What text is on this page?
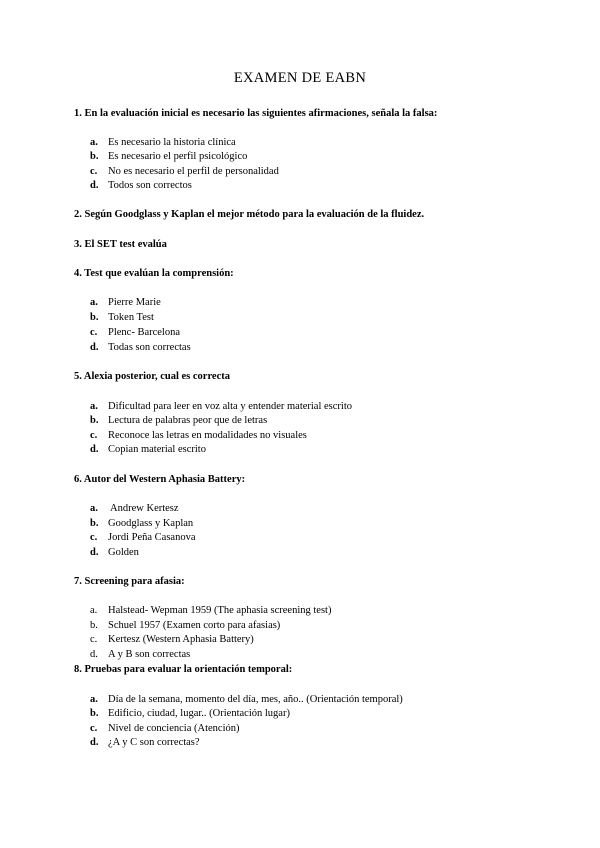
EXAMEN DE EABN
1. En la evaluación inicial es necesario las siguientes afirmaciones, señala la falsa:
a. Es necesario la historia clínica
b. Es necesario el perfil psicológico
c. No es necesario el perfil de personalidad
d. Todos son correctos
2. Según Goodglass y Kaplan el mejor método para la evaluación de la fluidez.
3. El SET test evalúa
4. Test que evalúan la comprensión:
a. Pierre Marie
b. Token Test
c. Plenc- Barcelona
d. Todas son correctas
5. Alexia posterior, cual es correcta
a. Dificultad para leer en voz alta y entender material escrito
b. Lectura de palabras peor que de letras
c. Reconoce las letras en modalidades no visuales
d. Copian material escrito
6. Autor del Western Aphasia Battery:
a. Andrew Kertesz
b. Goodglass y Kaplan
c. Jordi Peña Casanova
d. Golden
7. Screening para afasia:
a. Halstead- Wepman 1959 (The aphasia screening test)
b. Schuel 1957 (Examen corto para afasias)
c. Kertesz (Western Aphasia Battery)
d. A y B son correctas
8. Pruebas para evaluar la orientación temporal:
a. Día de la semana, momento del día, mes, año.. (Orientación temporal)
b. Edificio, ciudad, lugar.. (Orientación lugar)
c. Nivel de conciencia (Atención)
d. ¿A y C son correctas?
